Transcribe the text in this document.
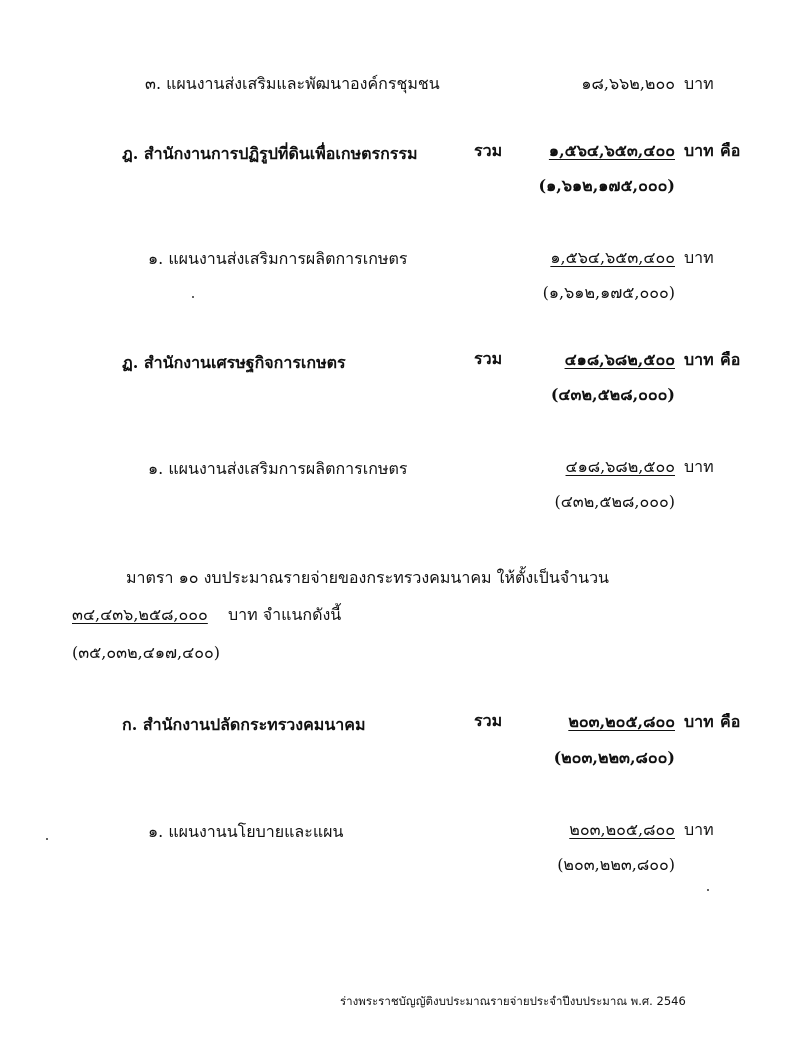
๓. แผนงานส่งเสริมและพัฒนาองค์กรชุมชน	๑๘,๖๖๒,๒๐๐ บาท
ฎ. สำนักงานการปฏิรูปที่ดินเพื่อเกษตรกรรม	รวม	๑,๕๖๔,๖๕๓,๔๐๐ บาท คือ
(๑,๖๑๒,๑๗๕,๐๐๐)
๑. แผนงานส่งเสริมการผลิตการเกษตร	๑,๕๖๔,๖๕๓,๔๐๐ บาท
(๑,๖๑๒,๑๗๕,๐๐๐)
ฏ. สำนักงานเศรษฐกิจการเกษตร	รวม	๔๑๘,๖๘๒,๕๐๐ บาท คือ
(๔๓๒,๕๒๘,๐๐๐)
๑. แผนงานส่งเสริมการผลิตการเกษตร	๔๑๘,๖๘๒,๕๐๐ บาท
(๔๓๒,๕๒๘,๐๐๐)
มาตรา ๑๐ งบประมาณรายจ่ายของกระทรวงคมนาคม ให้ตั้งเป็นจำนวน
๓๔,๔๓๖,๒๕๘,๐๐๐ บาท จำแนกดังนี้
(๓๕,๐๓๒,๔๑๗,๔๐๐)
ก. สำนักงานปลัดกระทรวงคมนาคม	รวม	๒๐๓,๒๐๕,๘๐๐ บาท คือ
(๒๐๓,๒๒๓,๘๐๐)
๑. แผนงานนโยบายและแผน	๒๐๓,๒๐๕,๘๐๐ บาท
(๒๐๓,๒๒๓,๘๐๐)
ร่างพระราชบัญญัติงบประมาณรายจ่ายประจำปีงบประมาณ พ.ศ. 2546
